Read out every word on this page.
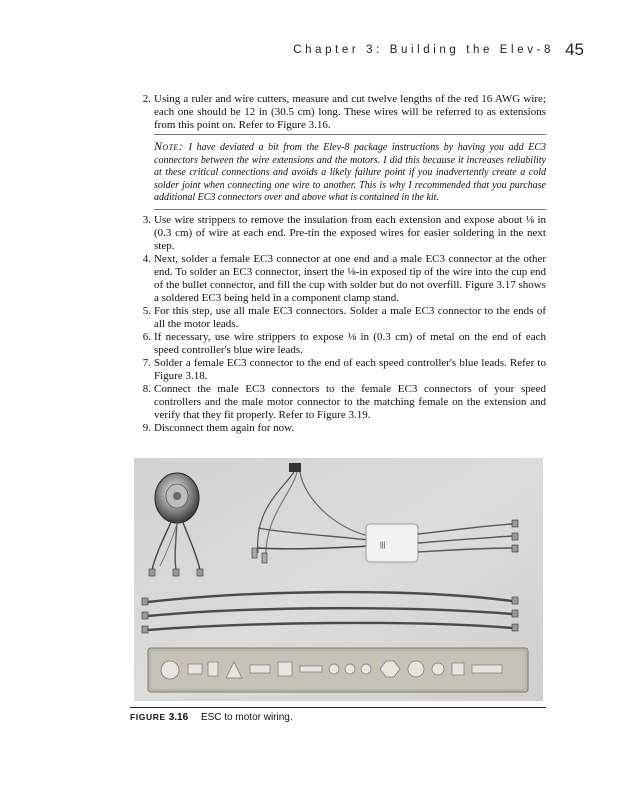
Chapter 3: Building the Elev-8 45
2. Using a ruler and wire cutters, measure and cut twelve lengths of the red 16 AWG wire; each one should be 12 in (30.5 cm) long. These wires will be referred to as extensions from this point on. Refer to Figure 3.16.
Note: I have deviated a bit from the Elev-8 package instructions by having you add EC3 connectors between the wire extensions and the motors. I did this because it increases reliability at these critical connections and avoids a likely failure point if you inadvertently create a cold solder joint when connecting one wire to another. This is why I recommended that you purchase additional EC3 connectors over and above what is contained in the kit.
3. Use wire strippers to remove the insulation from each extension and expose about ⅛ in (0.3 cm) of wire at each end. Pre-tin the exposed wires for easier soldering in the next step.
4. Next, solder a female EC3 connector at one end and a male EC3 connector at the other end. To solder an EC3 connector, insert the ⅛-in exposed tip of the wire into the cup end of the bullet connector, and fill the cup with solder but do not overfill. Figure 3.17 shows a soldered EC3 being held in a component clamp stand.
5. For this step, use all male EC3 connectors. Solder a male EC3 connector to the ends of all the motor leads.
6. If necessary, use wire strippers to expose ⅛ in (0.3 cm) of metal on the end of each speed controller's blue wire leads.
7. Solder a female EC3 connector to the end of each speed controller's blue leads. Refer to Figure 3.18.
8. Connect the male EC3 connectors to the female EC3 connectors of your speed controllers and the male motor connector to the matching female on the extension and verify that they fit properly. Refer to Figure 3.19.
9. Disconnect them again for now.
|||
FIGURE 3.16 ESC to motor wiring.
